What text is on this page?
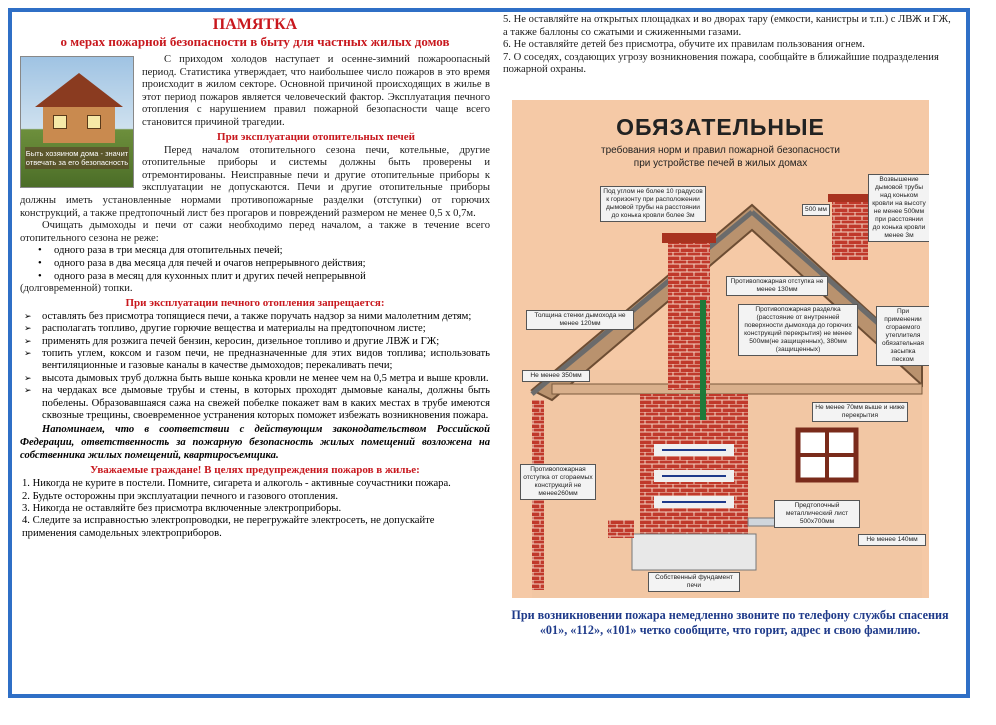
ПАМЯТКА

о мерах пожарной безопасности в быту для частных жилых домов

Быть хозяином дома - значит отвечать за его безопасность

С приходом холодов наступает и осенне-зимний пожароопасный период. Статистика утверждает, что наибольшее число пожаров в это время происходит в жилом секторе. Основной причиной происходящих в жилье в этот период пожаров является человеческий фактор. Эксплуатация печного отопления с нарушением правил пожарной безопасности чаще всего становится причиной трагедии.

При эксплуатации отопительных печей

Перед началом отопительного сезона печи, котельные, другие отопительные приборы и системы должны быть проверены и отремонтированы. Неисправные печи и другие отопительные приборы к эксплуатации не допускаются. Печи и другие отопительные приборы должны иметь установленные нормами противопожарные разделки (отступки) от горючих конструкций, а также предтопочный лист без прогаров и повреждений размером не менее 0,5 х 0,7м.

Очищать дымоходы и печи от сажи необходимо перед началом, а также в течение всего отопительного сезона не реже:

• одного раза в три месяца для отопительных печей;
• одного раза в два месяца для печей и очагов непрерывного действия;
• одного раза в месяц для кухонных плит и других печей непрерывной

(долговременной) топки.

При эксплуатации печного отопления запрещается:

➢ оставлять без присмотра топящиеся печи, а также поручать надзор за ними малолетним детям;
➢ располагать топливо, другие горючие вещества и материалы на предтопочном листе;
➢ применять для розжига печей бензин, керосин, дизельное топливо и другие ЛВЖ и ГЖ;
➢ топить углем, коксом и газом печи, не предназначенные для этих видов топлива; использовать вентиляционные и газовые каналы в качестве дымоходов; перекаливать печи;
➢ высота дымовых труб должна быть выше конька кровли не менее чем на 0,5 метра и выше кровли.
➢ на чердаках все дымовые трубы и стены, в которых проходят дымовые каналы, должны быть побелены. Образовавшаяся сажа на свежей побелке покажет вам в каких местах в трубе имеются сквозные трещины, своевременное устранения которых поможет избежать возникновения пожара.

Напоминаем, что в соответствии с действующим законодательством Российской Федерации, ответственность за пожарную безопасность жилых помещений возложена на собственника жилых помещений, квартиросъемщика.

Уважаемые граждане! В целях предупреждения пожаров в жилье:

1. Никогда не курите в постели. Помните, сигарета и алкоголь - активные соучастники пожара.
2. Будьте осторожны при эксплуатации печного и газового отопления.
3. Никогда не оставляйте без присмотра включенные электроприборы.
4. Следите за исправностью электропроводки, не перегружайте электросеть, не допускайте применения самодельных электроприборов.
5. Не оставляйте на открытых площадках и во дворах тару (емкости, канистры и т.п.) с ЛВЖ и ГЖ, а также баллоны со сжатыми и сжиженными газами.
6. Не оставляйте детей без присмотра, обучите их правилам пользования огнем.
7. О соседях, создающих угрозу возникновения пожара, сообщайте в ближайшие подразделения пожарной охраны.
ОБЯЗАТЕЛЬНЫЕ
требования норм и правил пожарной безопасности
при устройстве печей в жилых домах
Под углом не более 10 градусов к горизонту при расположении дымовой трубы на расстоянии до конька кровли более 3м
Возвышение дымовой трубы над коньком кровли на высоту не менее 500мм при расстоянии до конька кровли менее 3м
500 мм
Противопожарная отступка не менее 130мм
Толщина стенки дымохода не менее 120мм
Противопожарная разделка (расстояние от внутренней поверхности дымохода до горючих конструкций перекрытия) не менее 500мм(не защищенных), 380мм (защищенных)
При применении сгораемого утеплителя обязательная засыпка песком
Не менее 350мм
Не менее 70мм выше и ниже перекрытия
Противопожарная отступка от сгораемых конструкций не менее260мм
Предтопочный металлический лист 500х700мм
Не менее 140мм
Собственный фундамент печи
При возникновении пожара немедленно звоните по телефону службы спасения «01», «112», «101» четко сообщите, что горит, адрес и свою фамилию.
